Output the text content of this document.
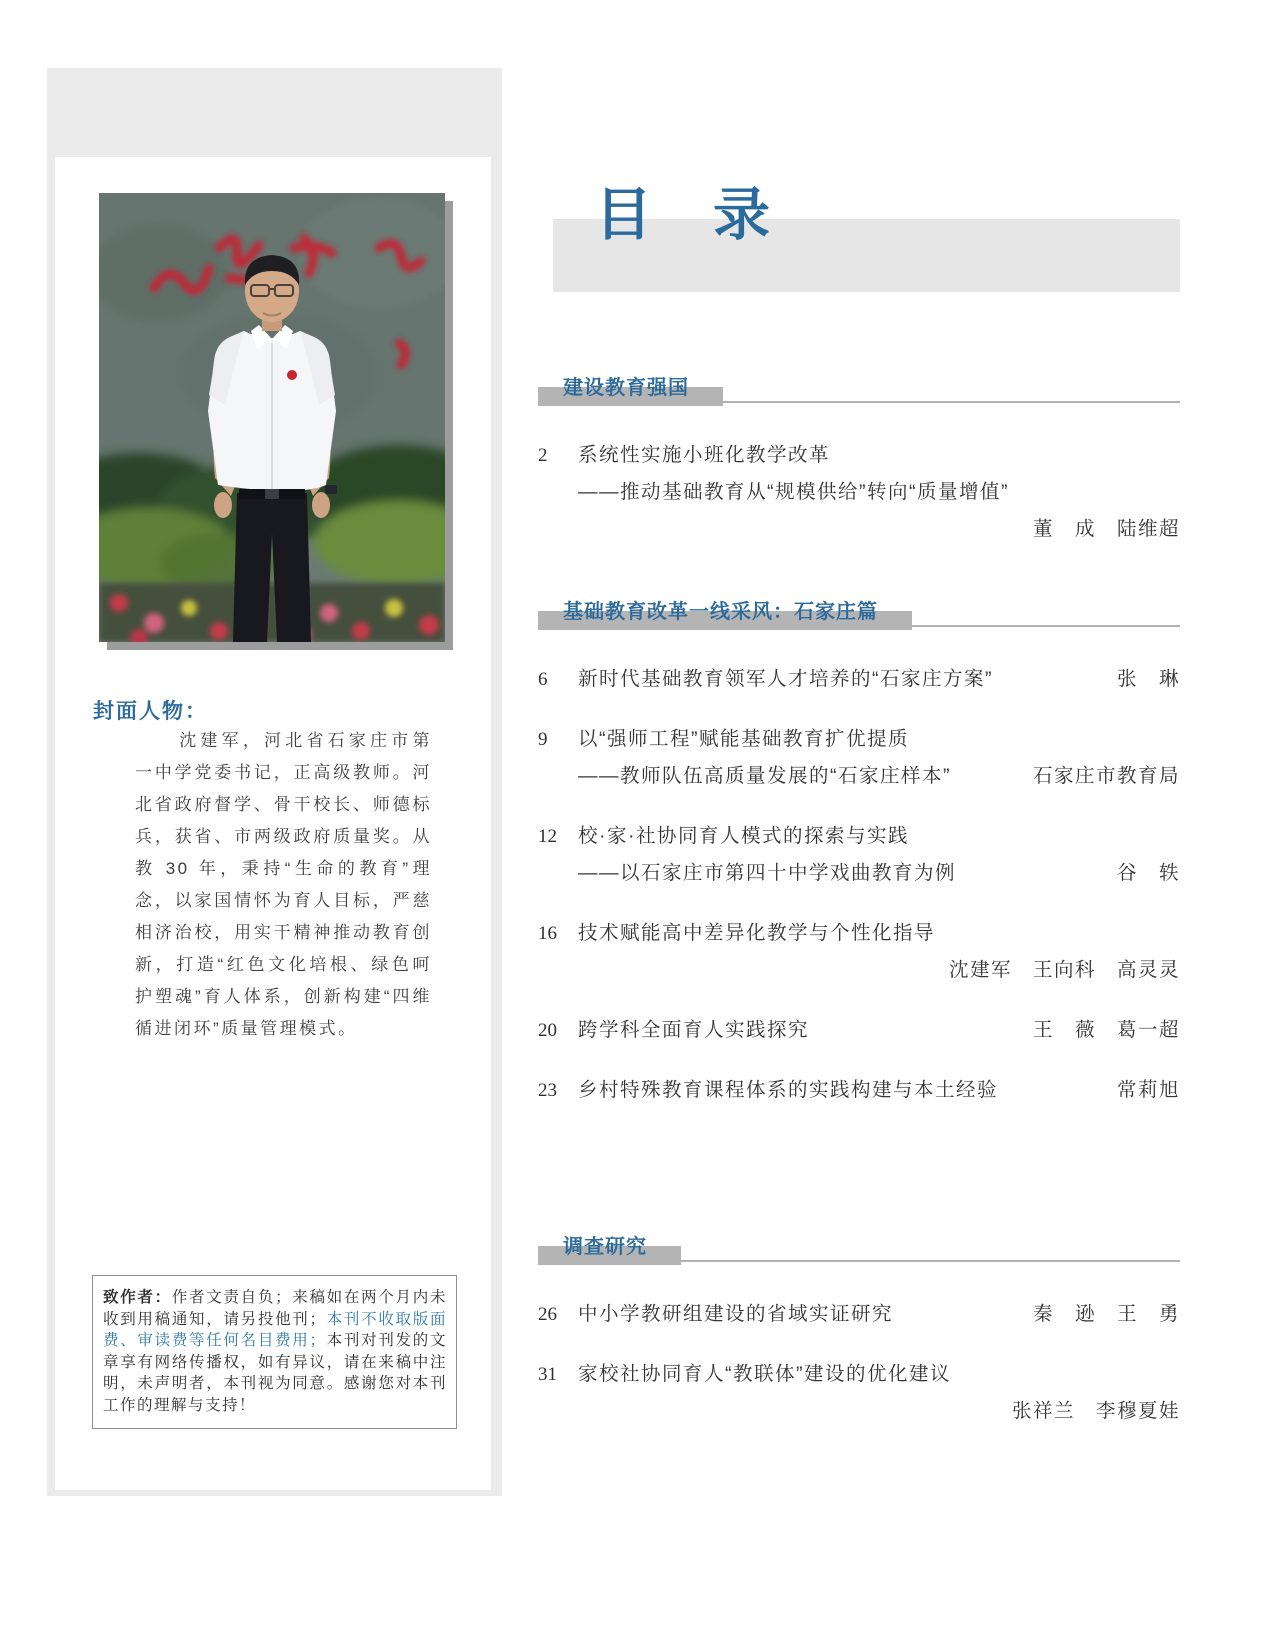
封面人物：

沈建军，河北省石家庄市第一中学党委书记，正高级教师。河北省政府督学、骨干校长、师德标兵，获省、市两级政府质量奖。从教 30 年，秉持“生命的教育”理念，以家国情怀为育人目标，严慈相济治校，用实干精神推动教育创新，打造“红色文化培根、绿色呵护塑魂”育人体系，创新构建“四维循进闭环”质量管理模式。

致作者：作者文责自负；来稿如在两个月内未收到用稿通知，请另投他刊；本刊不收取版面费、审读费等任何名目费用；本刊对刊发的文章享有网络传播权，如有异议，请在来稿中注明，未声明者，本刊视为同意。感谢您对本刊工作的理解与支持！

目　录
建设教育强国
2	系统性实施小班化教学改革
——推动基础教育从“规模供给”转向“质量增值”
董　成　陆维超
基础教育改革一线采风：石家庄篇
6	新时代基础教育领军人才培养的“石家庄方案”	张　琳
9	以“强师工程”赋能基础教育扩优提质
——教师队伍高质量发展的“石家庄样本”	石家庄市教育局
12	校·家·社协同育人模式的探索与实践
——以石家庄市第四十中学戏曲教育为例	谷　轶
16	技术赋能高中差异化教学与个性化指导
沈建军　王向科　高灵灵
20	跨学科全面育人实践探究	王　薇　葛一超
23	乡村特殊教育课程体系的实践构建与本土经验	常莉旭
调查研究
26	中小学教研组建设的省域实证研究	秦　逊　王　勇
31	家校社协同育人“教联体”建设的优化建议
张祥兰　李穆夏娃
